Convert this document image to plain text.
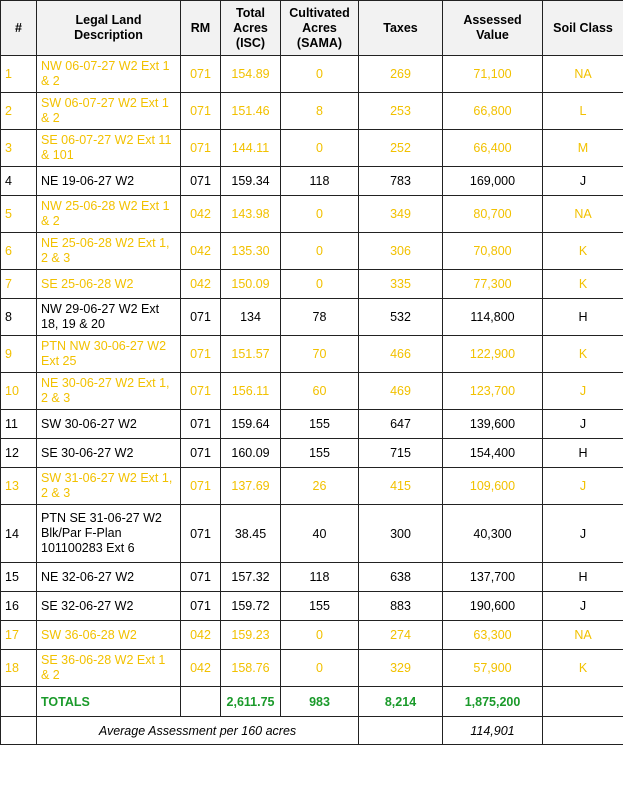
#	Legal Land Description	RM	Total Acres (ISC)	Cultivated Acres (SAMA)	Taxes	Assessed Value	Soil Class
1	NW 06-07-27 W2 Ext 1 & 2	071	154.89	0	269	71,100	NA
2	SW 06-07-27 W2 Ext 1 & 2	071	151.46	8	253	66,800	L
3	SE 06-07-27 W2 Ext 11 & 101	071	144.11	0	252	66,400	M
4	NE 19-06-27 W2	071	159.34	118	783	169,000	J
5	NW 25-06-28 W2 Ext 1 & 2	042	143.98	0	349	80,700	NA
6	NE 25-06-28 W2 Ext 1, 2 & 3	042	135.30	0	306	70,800	K
7	SE 25-06-28 W2	042	150.09	0	335	77,300	K
8	NW 29-06-27 W2 Ext 18, 19 & 20	071	134	78	532	114,800	H
9	PTN NW 30-06-27 W2 Ext 25	071	151.57	70	466	122,900	K
10	NE 30-06-27 W2 Ext 1, 2 & 3	071	156.11	60	469	123,700	J
11	SW 30-06-27 W2	071	159.64	155	647	139,600	J
12	SE 30-06-27 W2	071	160.09	155	715	154,400	H
13	SW 31-06-27 W2 Ext 1, 2 & 3	071	137.69	26	415	109,600	J
14	PTN SE 31-06-27 W2 Blk/Par F-Plan 101100283 Ext 6	071	38.45	40	300	40,300	J
15	NE 32-06-27 W2	071	157.32	118	638	137,700	H
16	SE 32-06-27 W2	071	159.72	155	883	190,600	J
17	SW 36-06-28 W2	042	159.23	0	274	63,300	NA
18	SE 36-06-28 W2 Ext 1 & 2	042	158.76	0	329	57,900	K
	TOTALS		2,611.75	983	8,214	1,875,200	
	Average Assessment per 160 acres					114,901	
